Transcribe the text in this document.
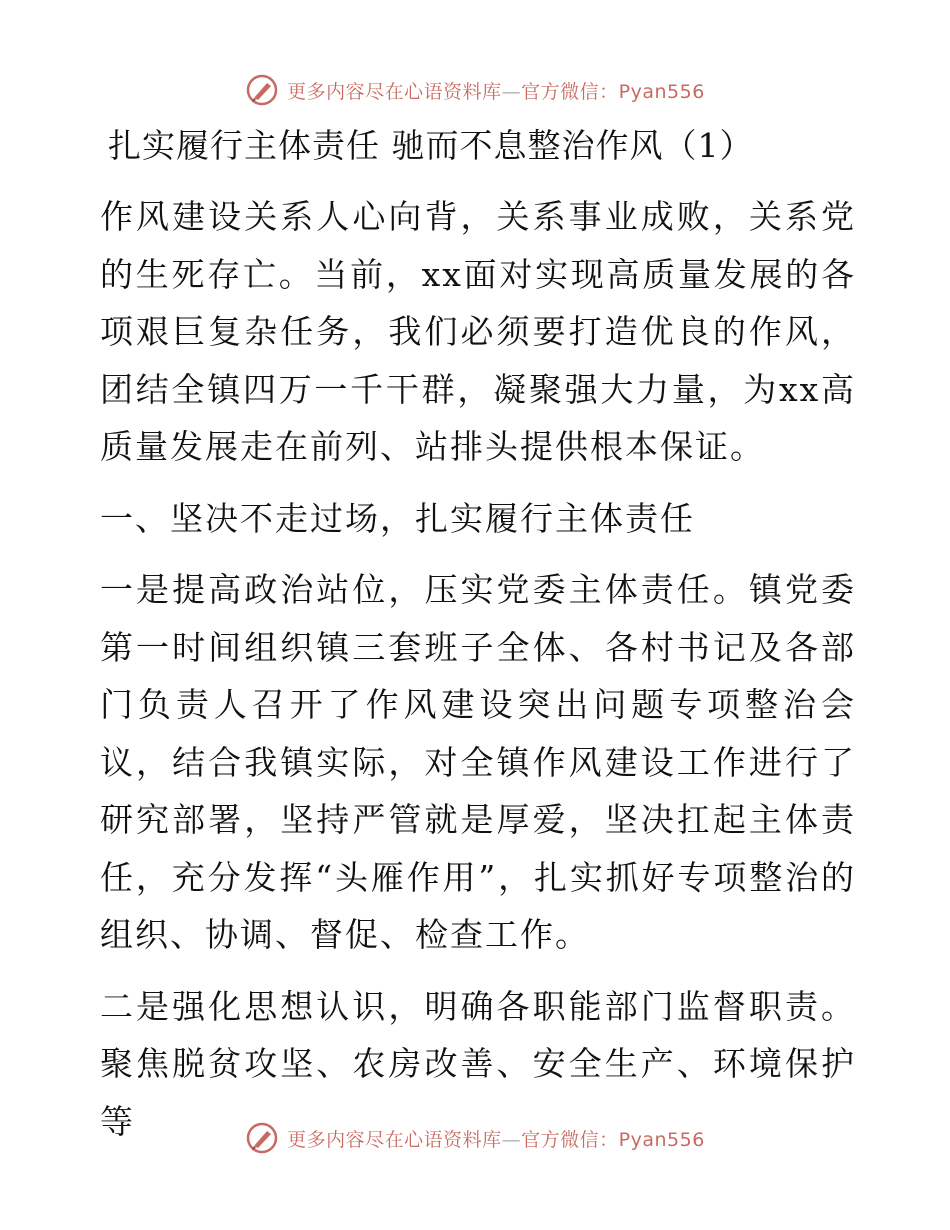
更多内容尽在心语资料库—官方微信：Pyan556
扎实履行主体责任 驰而不息整治作风（1）

作风建设关系人心向背，关系事业成败，关系党的生死存亡。当前，xx面对实现高质量发展的各项艰巨复杂任务，我们必须要打造优良的作风，团结全镇四万一千干群，凝聚强大力量，为xx高质量发展走在前列、站排头提供根本保证。

一、坚决不走过场，扎实履行主体责任

一是提高政治站位，压实党委主体责任。镇党委第一时间组织镇三套班子全体、各村书记及各部门负责人召开了作风建设突出问题专项整治会议，结合我镇实际，对全镇作风建设工作进行了研究部署，坚持严管就是厚爱，坚决扛起主体责任，充分发挥“头雁作用”，扎实抓好专项整治的组织、协调、督促、检查工作。

二是强化思想认识，明确各职能部门监督职责。聚焦脱贫攻坚、农房改善、安全生产、环境保护等	更多内容尽在心语资料库—官方微信：Pyan556
